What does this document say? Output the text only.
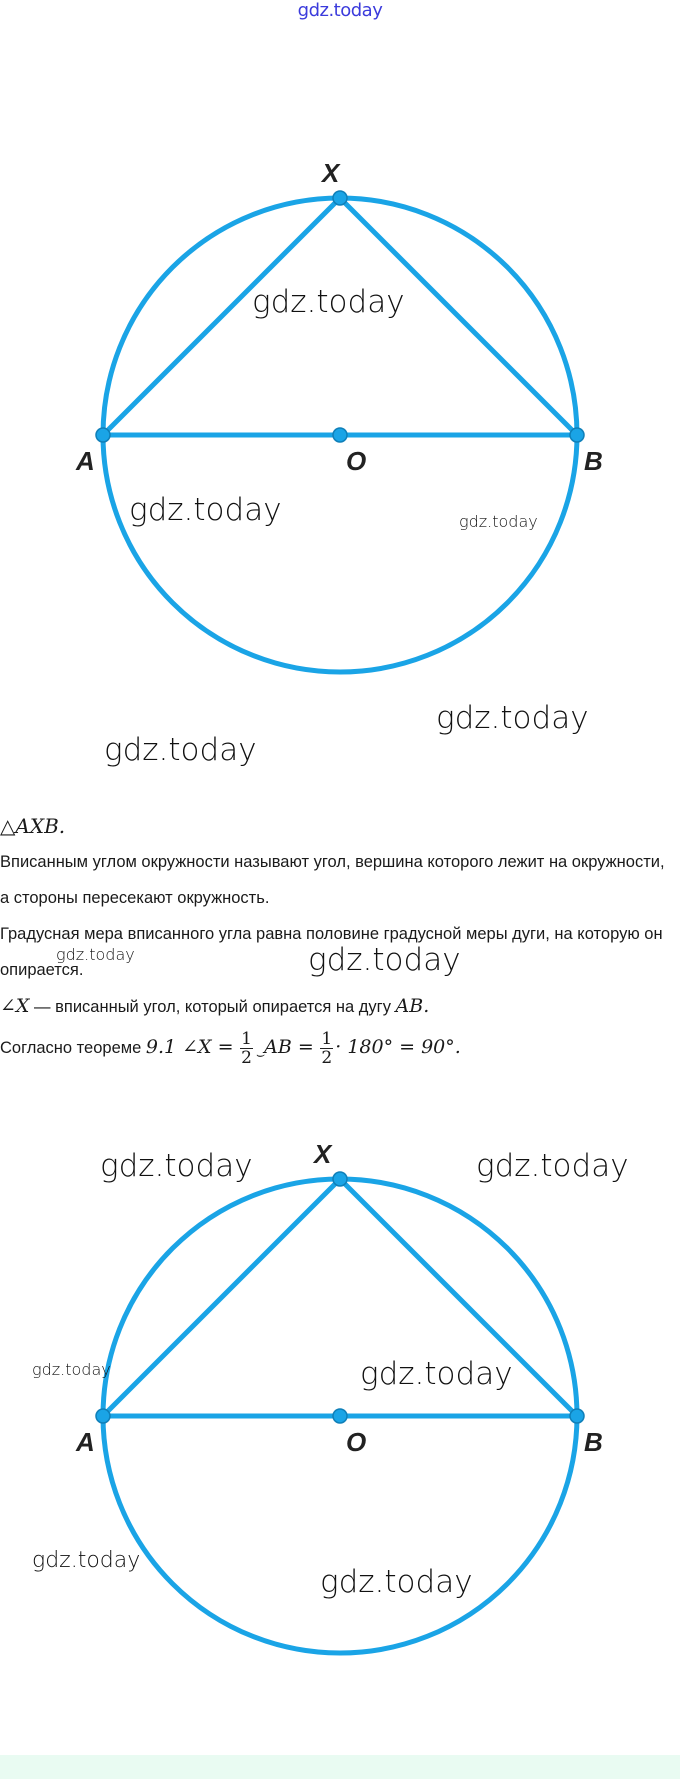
gdz.today
X
A	O	B
gdz.today
gdz.today	gdz.today
gdz.today
gdz.today

△AXB.

Вписанным углом окружности называют угол, вершина которого лежит на окружности, а стороны пересекают окружность.

Градусная мера вписанного угла равна половине градусной меры дуги, на которую он опирается.

∠X — вписанный угол, который опирается на дугу AB.

Согласно теореме 9.1 ∠X = $\frac{1}{2} _⌣AB = \frac{1}{2} \cdot 180^\circ = 90^\circ$.

gdz.today	gdz.today
X
A	O	B
gdz.today	gdz.today
gdz.today	gdz.today
gdz.today
gdz.today
